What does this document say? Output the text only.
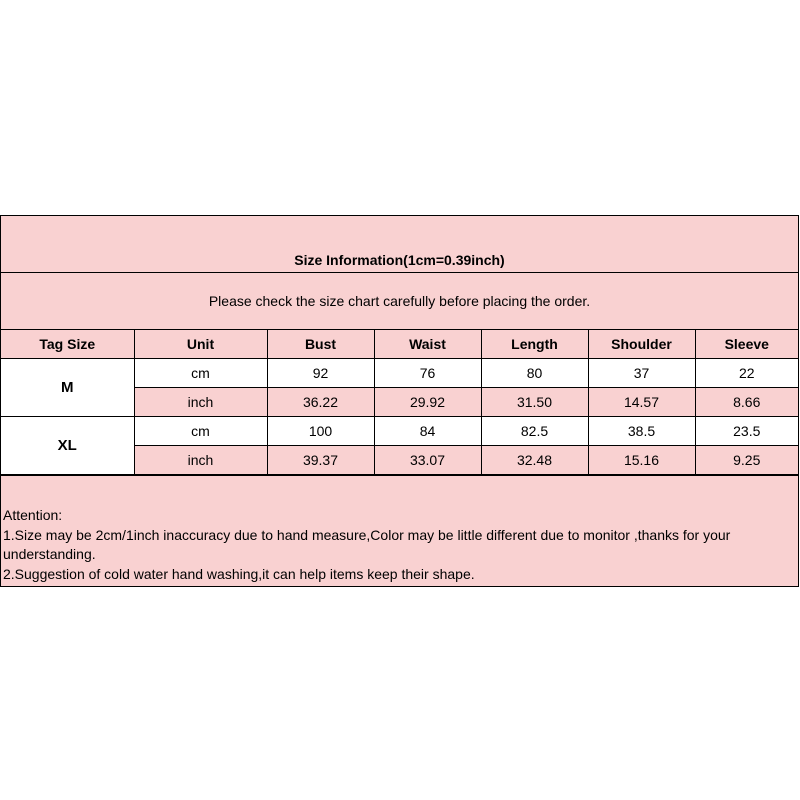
Size Information(1cm=0.39inch)
Please check the size chart carefully before placing the order.
Tag Size	Unit	Bust	Waist	Length	Shoulder	Sleeve
M	cm	92	76	80	37	22
	inch	36.22	29.92	31.50	14.57	8.66
XL	cm	100	84	82.5	38.5	23.5
	inch	39.37	33.07	32.48	15.16	9.25
Attention:
1.Size may be 2cm/1inch inaccuracy due to hand measure,Color may be little different due to monitor ,thanks for your understanding.
2.Suggestion of cold water hand washing,it can help items keep their shape.
